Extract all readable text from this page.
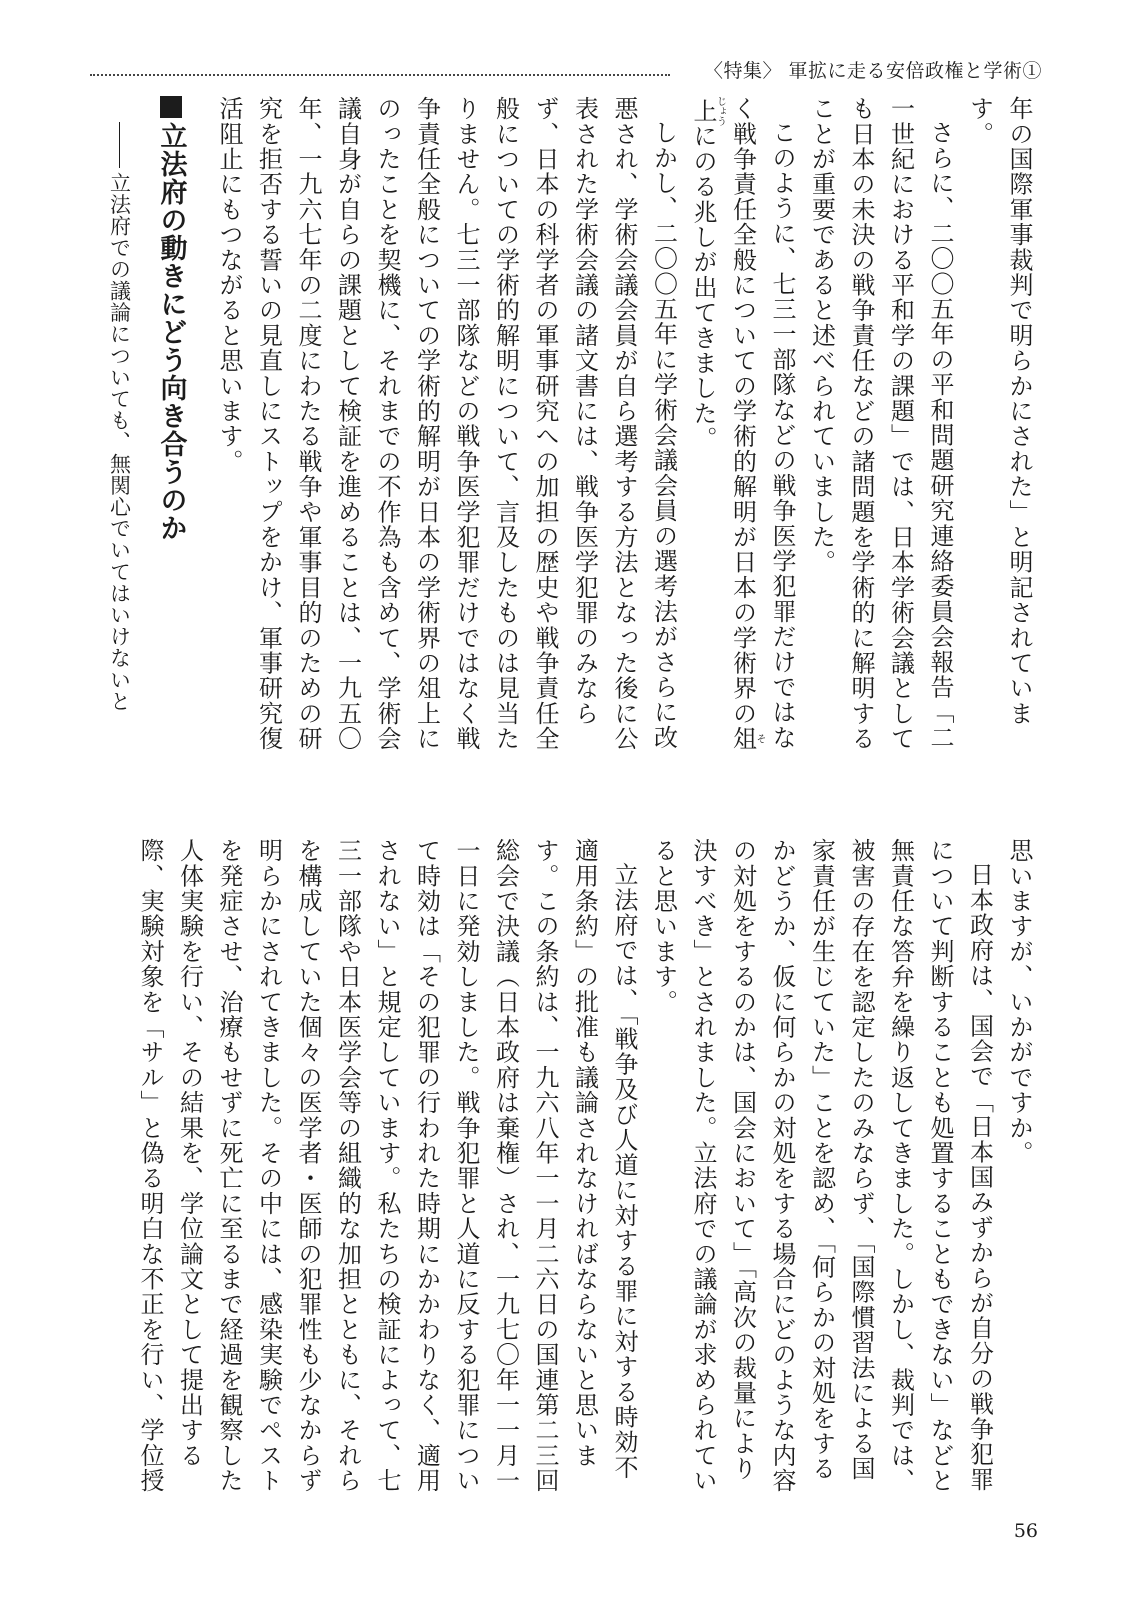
〈特集〉 軍拡に走る安倍政権と学術①

年の国際軍事裁判で明らかにされた」と明記されています。

さらに、二〇〇五年の平和問題研究連絡委員会報告「二一世紀における平和学の課題」では、日本学術会議としても日本の未決の戦争責任などの諸問題を学術的に解明することが重要であると述べられていました。

このように、七三一部隊などの戦争医学犯罪だけではなく戦争責任全般についての学術的解明が日本の学術界の俎そ上じょうにのる兆しが出てきました。

しかし、二〇〇五年に学術会議会員の選考法がさらに改悪され、学術会議会員が自ら選考する方法となった後に公表された学術会議の諸文書には、戦争医学犯罪のみならず、日本の科学者の軍事研究への加担の歴史や戦争責任全般についての学術的解明について、言及したものは見当たりません。七三一部隊などの戦争医学犯罪だけではなく戦争責任全般についての学術的解明が日本の学術界の俎上にのったことを契機に、それまでの不作為も含めて、学術会議自身が自らの課題として検証を進めることは、一九五〇年、一九六七年の二度にわたる戦争や軍事目的のための研究を拒否する誓いの見直しにストップをかけ、軍事研究復活阻止にもつながると思います。

立法府の動きにどう向き合うのか

立法府での議論についても、無関心でいてはいけないと

思いますが、いかがですか。

日本政府は、国会で「日本国みずからが自分の戦争犯罪について判断することも処置することもできない」などと無責任な答弁を繰り返してきました。しかし、裁判では、被害の存在を認定したのみならず、「国際慣習法による国家責任が生じていた」ことを認め、「何らかの対処をするかどうか、仮に何らかの対処をする場合にどのような内容の対処をするのかは、国会において」「高次の裁量により決すべき」とされました。立法府での議論が求められていると思います。

立法府では、「戦争及び人道に対する罪に対する時効不適用条約」の批准も議論されなければならないと思います。この条約は、一九六八年一一月二六日の国連第二三回総会で決議（日本政府は棄権）され、一九七〇年一一月一一日に発効しました。戦争犯罪と人道に反する犯罪について時効は「その犯罪の行われた時期にかかわりなく、適用されない」と規定しています。私たちの検証によって、七三一部隊や日本医学会等の組織的な加担とともに、それらを構成していた個々の医学者・医師の犯罪性も少なからず明らかにされてきました。その中には、感染実験でペストを発症させ、治療もせずに死亡に至るまで経過を観察した人体実験を行い、その結果を、学位論文として提出する際、実験対象を「サル」と偽る明白な不正を行い、学位授

56
